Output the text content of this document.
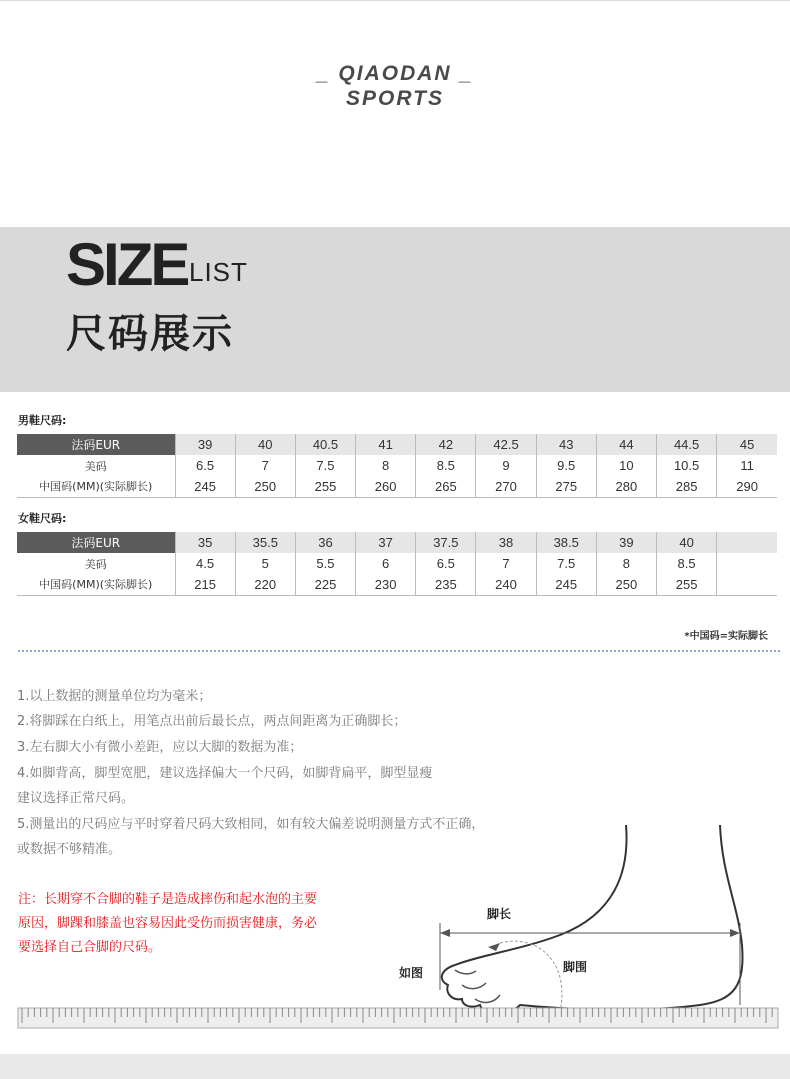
_ QIAODAN _
SPORTS
SIZE LIST
尺码展示
男鞋尺码:
法码EUR	39	40	40.5	41	42	42.5	43	44	44.5	45
美码	6.5	7	7.5	8	8.5	9	9.5	10	10.5	11
中国码(MM)(实际脚长)	245	250	255	260	265	270	275	280	285	290
女鞋尺码:
法码EUR	35	35.5	36	37	37.5	38	38.5	39	40	
美码	4.5	5	5.5	6	6.5	7	7.5	8	8.5	
中国码(MM)(实际脚长)	215	220	225	230	235	240	245	250	255	
*中国码=实际脚长
1.以上数据的测量单位均为毫米；
2.将脚踩在白纸上，用笔点出前后最长点，两点间距离为正确脚长；
3.左右脚大小有微小差距，应以大脚的数据为准；
4.如脚背高，脚型宽肥，建议选择偏大一个尺码，如脚背扁平，脚型显瘦
建议选择正常尺码。
5.测量出的尺码应与平时穿着尺码大致相同，如有较大偏差说明测量方式不正确，
或数据不够精准。
注：长期穿不合脚的鞋子是造成摔伤和起水泡的主要
原因，脚踝和膝盖也容易因此受伤而损害健康，务必
要选择自己合脚的尺码。
脚长
脚围
如图
